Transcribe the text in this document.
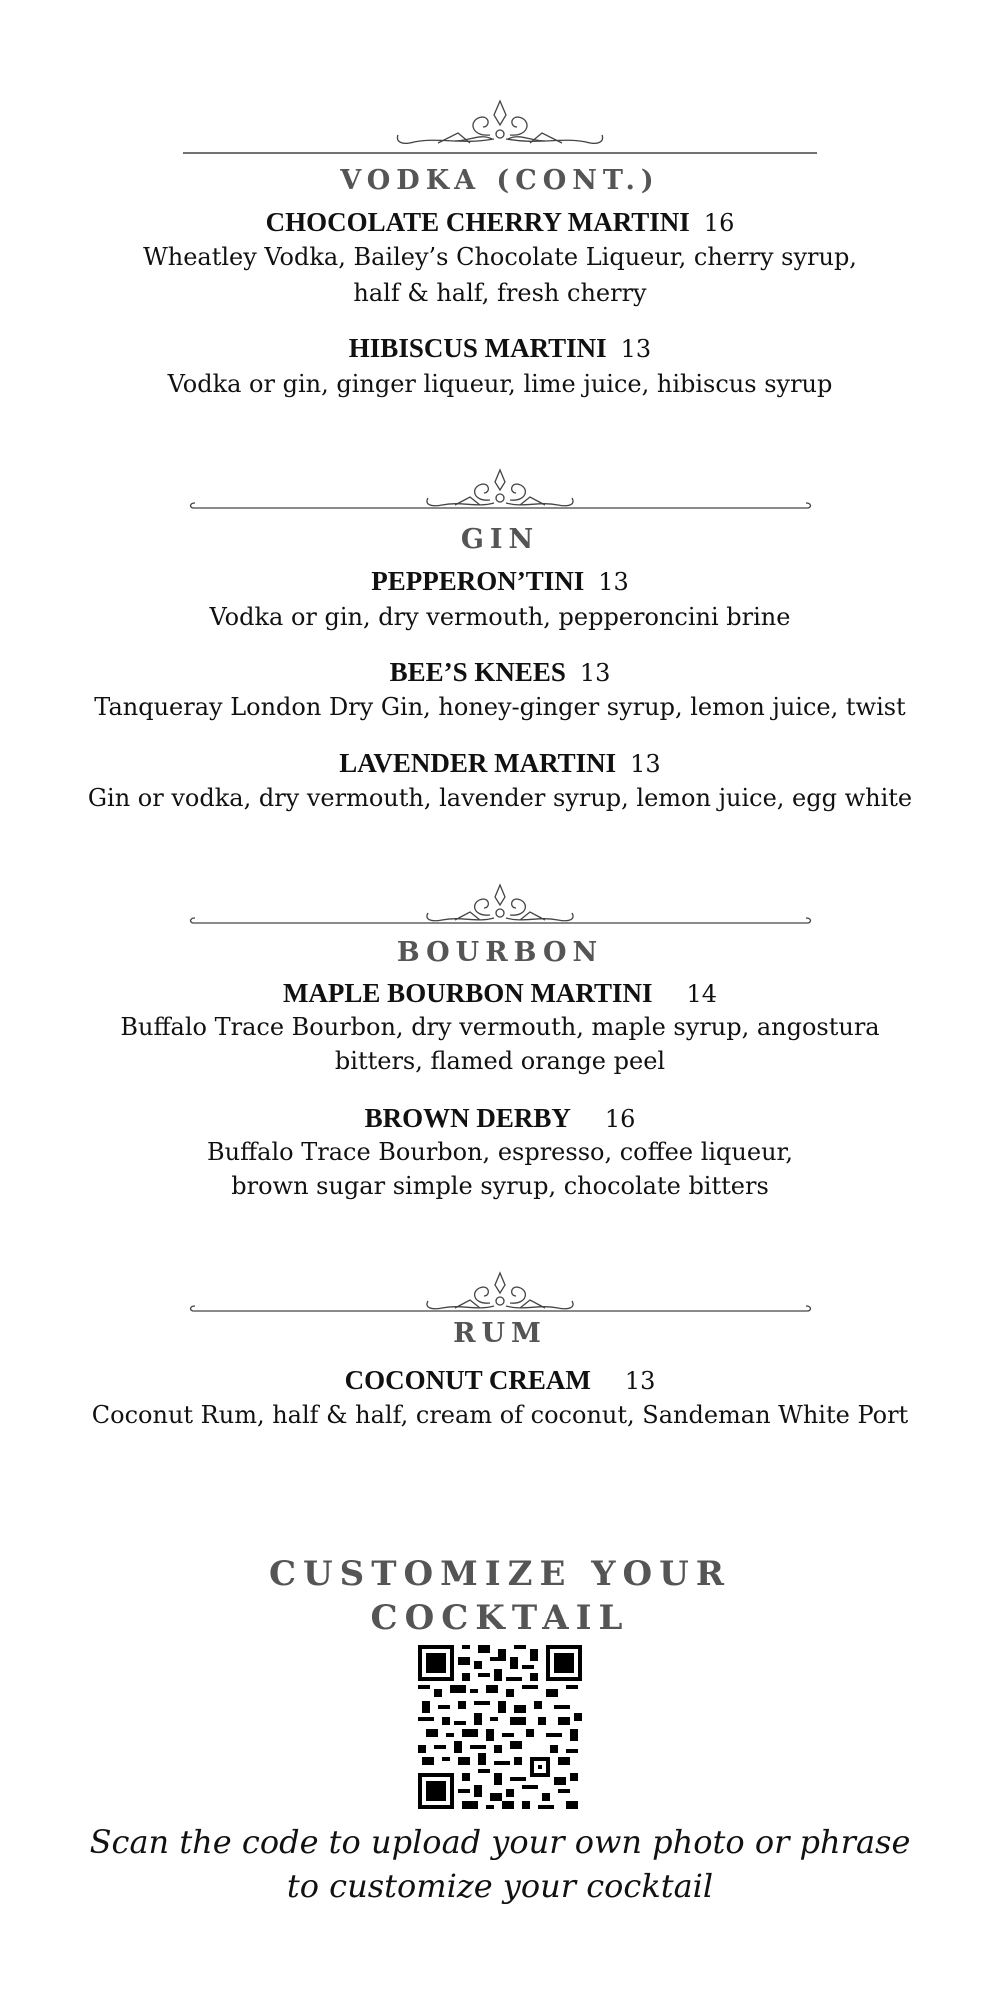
VODKA (CONT.)
CHOCOLATE CHERRY MARTINI 16
Wheatley Vodka, Bailey’s Chocolate Liqueur, cherry syrup,
half & half, fresh cherry
HIBISCUS MARTINI 13
Vodka or gin, ginger liqueur, lime juice, hibiscus syrup
GIN
PEPPERON’TINI 13
Vodka or gin, dry vermouth, pepperoncini brine
BEE’S KNEES 13
Tanqueray London Dry Gin, honey-ginger syrup, lemon juice, twist
LAVENDER MARTINI 13
Gin or vodka, dry vermouth, lavender syrup, lemon juice, egg white
BOURBON
MAPLE BOURBON MARTINI 14
Buffalo Trace Bourbon, dry vermouth, maple syrup, angostura
bitters, flamed orange peel
BROWN DERBY 16
Buffalo Trace Bourbon, espresso, coffee liqueur,
brown sugar simple syrup, chocolate bitters
RUM
COCONUT CREAM 13
Coconut Rum, half & half, cream of coconut, Sandeman White Port
CUSTOMIZE YOUR
COCKTAIL
Scan the code to upload your own photo or phrase
to customize your cocktail
